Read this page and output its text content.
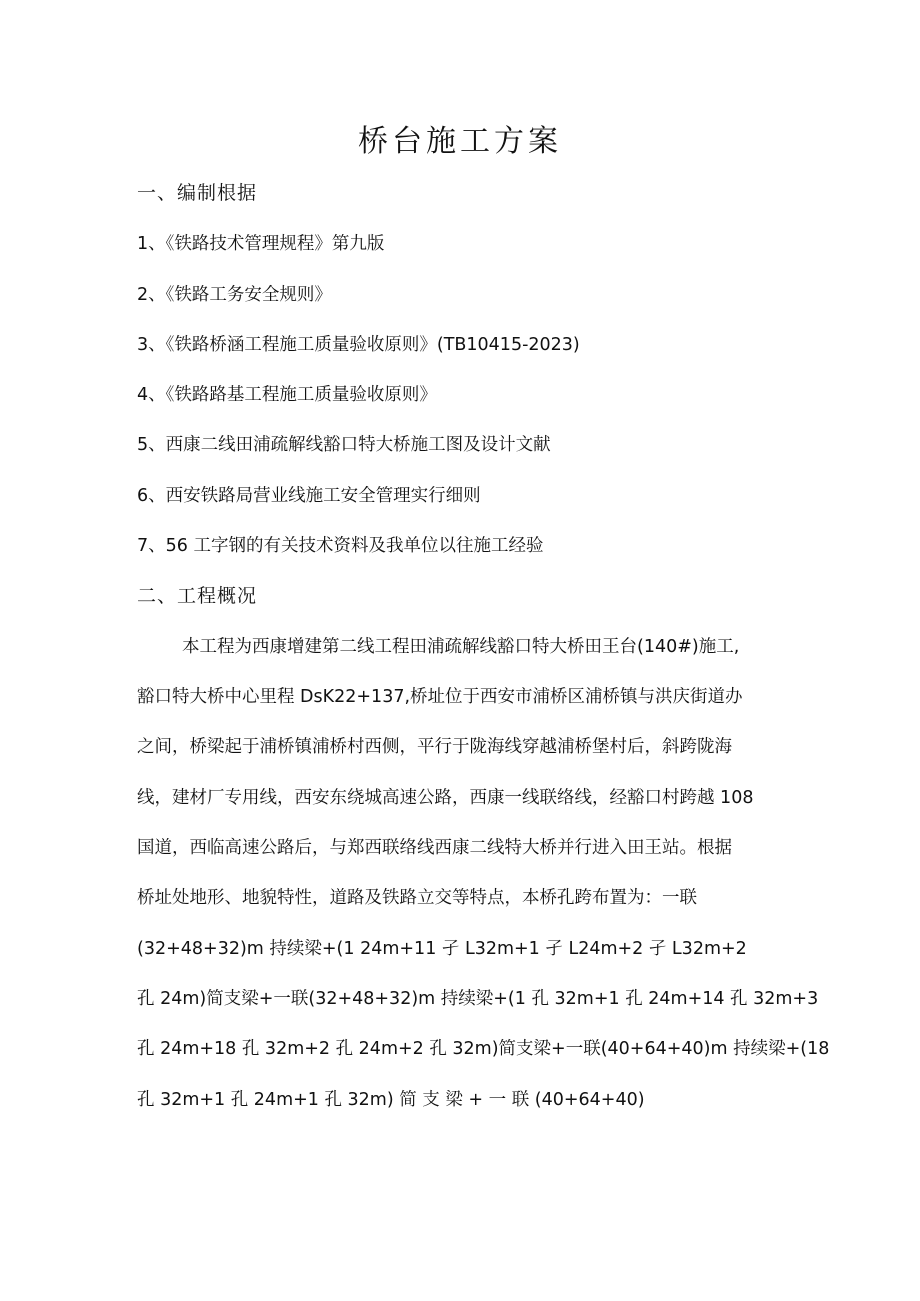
桥台施工方案

一、编制根据

1、《铁路技术管理规程》第九版

2、《铁路工务安全规则》

3、《铁路桥涵工程施工质量验收原则》(TB10415-2023)

4、《铁路路基工程施工质量验收原则》

5、西康二线田浦疏解线豁口特大桥施工图及设计文献

6、西安铁路局营业线施工安全管理实行细则

7、56 工字钢的有关技术资料及我单位以往施工经验

二、工程概况

本工程为西康增建第二线工程田浦疏解线豁口特大桥田王台(140#)施工,

豁口特大桥中心里程 DsK22+137,桥址位于西安市浦桥区浦桥镇与洪庆街道办

之间，桥梁起于浦桥镇浦桥村西侧，平行于陇海线穿越浦桥堡村后，斜跨陇海

线，建材厂专用线，西安东绕城高速公路，西康一线联络线，经豁口村跨越 108

国道，西临高速公路后，与郑西联络线西康二线特大桥并行进入田王站。根据

桥址处地形、地貌特性，道路及铁路立交等特点，本桥孔跨布置为：一联

(32+48+32)m 持续梁+(1 24m+11 孑 L32m+1 孑 L24m+2 孑 L32m+2

孔 24m)简支梁+一联(32+48+32)m 持续梁+(1 孔 32m+1 孔 24m+14 孔 32m+3

孔 24m+18 孔 32m+2 孔 24m+2 孔 32m)简支梁+一联(40+64+40)m 持续梁+(18

孔 32m+1 孔 24m+1 孔 32m) 简 支 梁 + 一 联 (40+64+40)
